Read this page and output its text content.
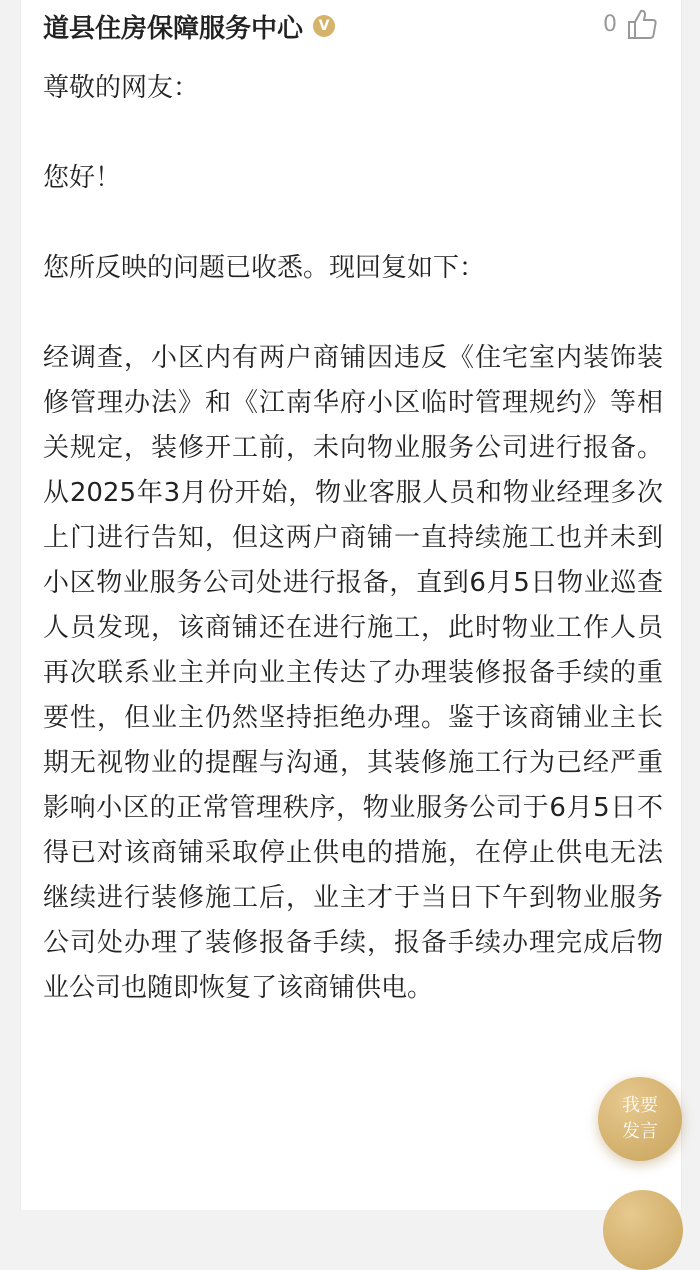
道县住房保障服务中心	V	0

尊敬的网友：

您好！

您所反映的问题已收悉。现回复如下：

经调查，小区内有两户商铺因违反《住宅室内装饰装修管理办法》和《江南华府小区临时管理规约》等相关规定，装修开工前，未向物业服务公司进行报备。从2025年3月份开始，物业客服人员和物业经理多次上门进行告知，但这两户商铺一直持续施工也并未到小区物业服务公司处进行报备，直到6月5日物业巡查人员发现，该商铺还在进行施工，此时物业工作人员再次联系业主并向业主传达了办理装修报备手续的重要性，但业主仍然坚持拒绝办理。鉴于该商铺业主长期无视物业的提醒与沟通，其装修施工行为已经严重影响小区的正常管理秩序，物业服务公司于6月5日不得已对该商铺采取停止供电的措施，在停止供电无法继续进行装修施工后，业主才于当日下午到物业服务公司处办理了装修报备手续，报备手续办理完成后物业公司也随即恢复了该商铺供电。

我要
发言
